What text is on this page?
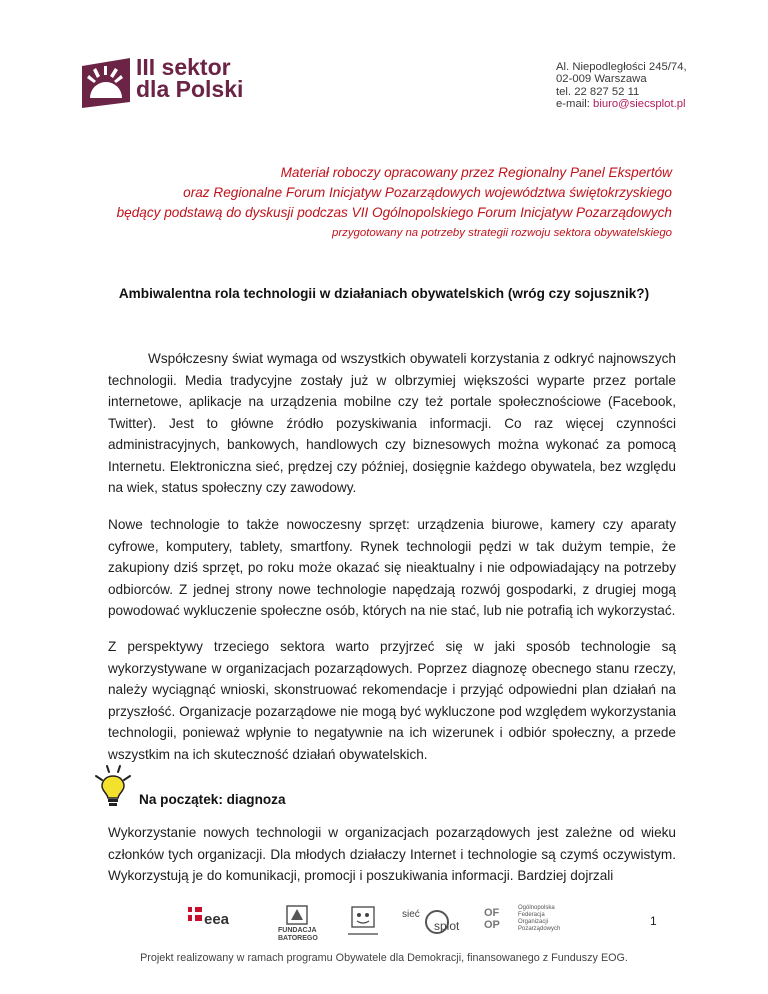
III sektor
dla Polski
Al. Niepodległości 245/74,
02-009 Warszawa
tel. 22 827 52 11
e-mail: biuro@siecsplot.pl
Materiał roboczy opracowany przez Regionalny Panel Ekspertów
oraz Regionalne Forum Inicjatyw Pozarządowych województwa świętokrzyskiego
będący podstawą do dyskusji podczas VII Ogólnopolskiego Forum Inicjatyw Pozarządowych
przygotowany na potrzeby strategii rozwoju sektora obywatelskiego
Ambiwalentna rola technologii w działaniach obywatelskich (wróg czy sojusznik?)

Współczesny świat wymaga od wszystkich obywateli korzystania z odkryć najnowszych technologii. Media tradycyjne zostały już w olbrzymiej większości wyparte przez portale internetowe, aplikacje na urządzenia mobilne czy też portale społecznościowe (Facebook, Twitter). Jest to główne źródło pozyskiwania informacji. Co raz więcej czynności administracyjnych, bankowych, handlowych czy biznesowych można wykonać za pomocą Internetu. Elektroniczna sieć, prędzej czy później, dosięgnie każdego obywatela, bez względu na wiek, status społeczny czy zawodowy.

Nowe technologie to także nowoczesny sprzęt: urządzenia biurowe, kamery czy aparaty cyfrowe, komputery, tablety, smartfony. Rynek technologii pędzi w tak dużym tempie, że zakupiony dziś sprzęt, po roku może okazać się nieaktualny i nie odpowiadający na potrzeby odbiorców. Z jednej strony nowe technologie napędzają rozwój gospodarki, z drugiej mogą powodować wykluczenie społeczne osób, których na nie stać, lub nie potrafią ich wykorzystać.

Z perspektywy trzeciego sektora warto przyjrzeć się w jaki sposób technologie są wykorzystywane w organizacjach pozarządowych. Poprzez diagnozę obecnego stanu rzeczy, należy wyciągnąć wnioski, skonstruować rekomendacje i przyjąć odpowiedni plan działań na przyszłość. Organizacje pozarządowe nie mogą być wykluczone pod względem wykorzystania technologii, ponieważ wpłynie to negatywnie na ich wizerunek i odbiór społeczny, a przede wszystkim na ich skuteczność działań obywatelskich.

Na początek: diagnoza

Wykorzystanie nowych technologii w organizacjach pozarządowych jest zależne od wieku członków tych organizacji. Dla młodych działaczy Internet i technologie są czymś oczywistym. Wykorzystują je do komunikacji, promocji i poszukiwania informacji. Bardziej dojrzali

1
eea
FUNDACJA
BATOREGO
sieć
splot
OF OP
Ogólnopolska
Federacja
Organizacji
Pozarządowych
Projekt realizowany w ramach programu Obywatele dla Demokracji, finansowanego z Funduszy EOG.
